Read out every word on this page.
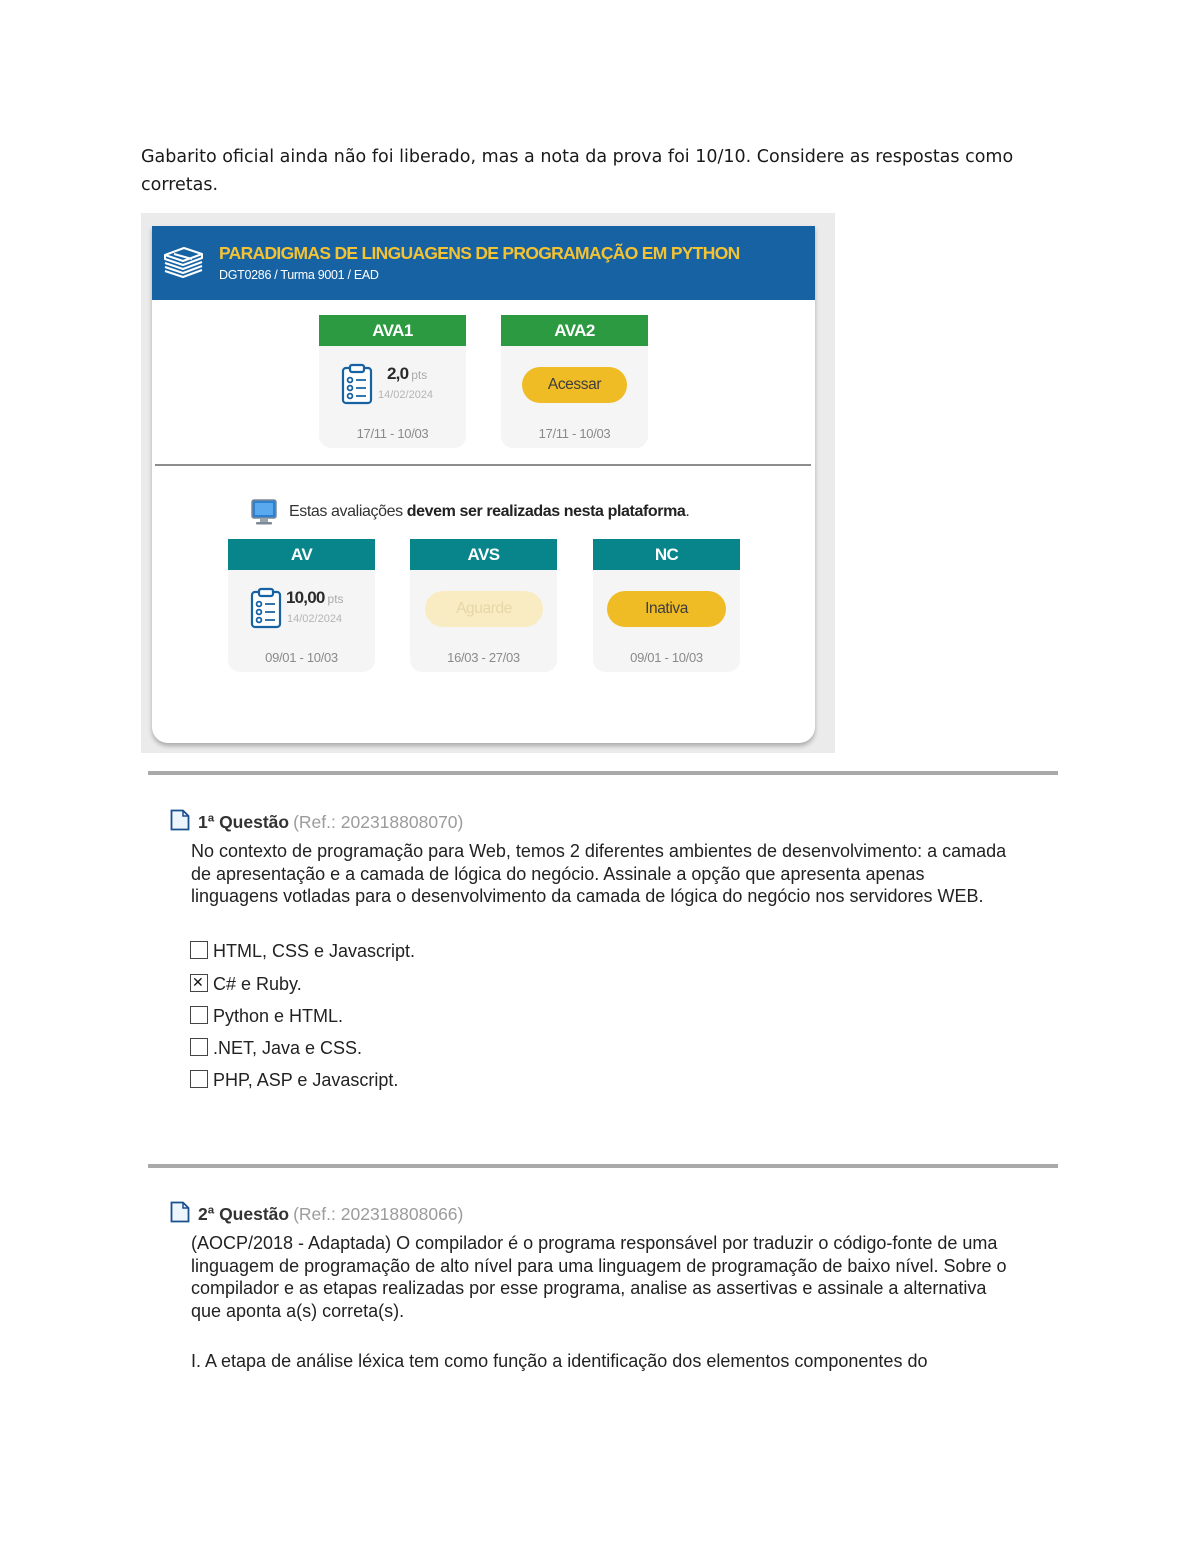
Gabarito oficial ainda não foi liberado, mas a nota da prova foi 10/10. Considere as respostas como corretas.
PARADIGMAS DE LINGUAGENS DE PROGRAMAÇÃO EM PYTHON
DGT0286 / Turma 9001 / EAD
AVA1
2,0 pts
14/02/2024
17/11 - 10/03
AVA2
Acessar
17/11 - 10/03
Estas avaliações devem ser realizadas nesta plataforma.
AV
10,00 pts
14/02/2024
09/01 - 10/03
AVS
Aguarde
16/03 - 27/03
NC
Inativa
09/01 - 10/03
1ª Questão (Ref.: 202318808070)
No contexto de programação para Web, temos 2 diferentes ambientes de desenvolvimento: a camada de apresentação e a camada de lógica do negócio. Assinale a opção que apresenta apenas linguagens votladas para o desenvolvimento da camada de lógica do negócio nos servidores WEB.
HTML, CSS e Javascript.
✕C# e Ruby.
Python e HTML.
.NET, Java e CSS.
PHP, ASP e Javascript.
2ª Questão (Ref.: 202318808066)
(AOCP/2018 - Adaptada) O compilador é o programa responsável por traduzir o código-fonte de uma linguagem de programação de alto nível para uma linguagem de programação de baixo nível. Sobre o compilador e as etapas realizadas por esse programa, analise as assertivas e assinale a alternativa que aponta a(s) correta(s).
I. A etapa de análise léxica tem como função a identificação dos elementos componentes do
